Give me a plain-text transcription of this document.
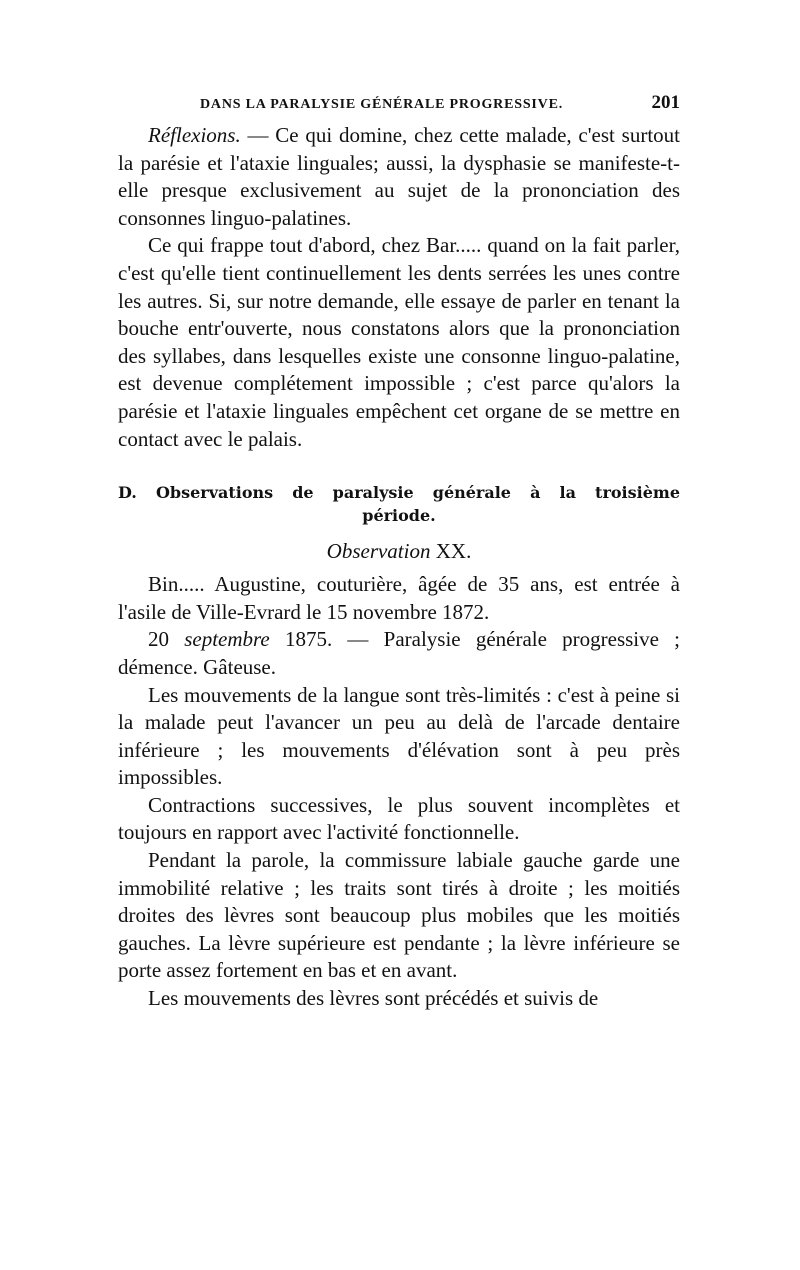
DANS LA PARALYSIE GÉNÉRALE PROGRESSIVE.	201

Réflexions. — Ce qui domine, chez cette malade, c'est surtout la parésie et l'ataxie linguales; aussi, la dysphasie se manifeste-t-elle presque exclusivement au sujet de la prononciation des consonnes linguo-palatines.

Ce qui frappe tout d'abord, chez Bar..... quand on la fait parler, c'est qu'elle tient continuellement les dents serrées les unes contre les autres. Si, sur notre demande, elle essaye de parler en tenant la bouche entr'ouverte, nous constatons alors que la prononciation des syllabes, dans lesquelles existe une consonne linguo-palatine, est devenue complétement impossible ; c'est parce qu'alors la parésie et l'ataxie linguales empêchent cet organe de se mettre en contact avec le palais.

D. Observations de paralysie générale à la troisième
période.
Observation XX.

Bin..... Augustine, couturière, âgée de 35 ans, est entrée à l'asile de Ville-Evrard le 15 novembre 1872.

20 septembre 1875. — Paralysie générale progressive ; démence. Gâteuse.

Les mouvements de la langue sont très-limités : c'est à peine si la malade peut l'avancer un peu au delà de l'arcade dentaire inférieure ; les mouvements d'élévation sont à peu près impossibles.

Contractions successives, le plus souvent incomplètes et toujours en rapport avec l'activité fonctionnelle.

Pendant la parole, la commissure labiale gauche garde une immobilité relative ; les traits sont tirés à droite ; les moitiés droites des lèvres sont beaucoup plus mobiles que les moitiés gauches. La lèvre supérieure est pendante ; la lèvre inférieure se porte assez fortement en bas et en avant.

Les mouvements des lèvres sont précédés et suivis de
